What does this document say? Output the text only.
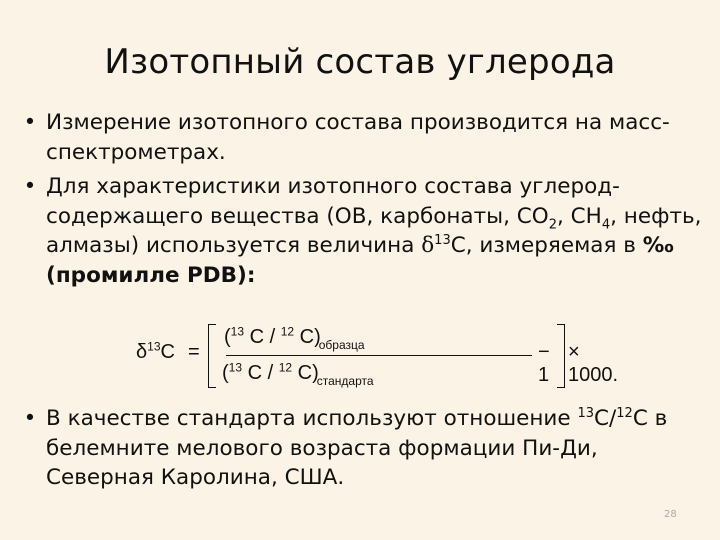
Изотопный состав углерода
• Измерение изотопного состава производится на масс-спектрометрах.
• Для характеристики изотопного состава углерод-содержащего вещества (ОВ, карбонаты, $CO_2$, $CH_4$, нефть, алмазы) используется величина $\delta^{13}C$, измеряемая в ‰ (промилле PDB):
$\delta^{13}C$ =
($^{13}$ C / $^{12}$ $C)_{образца}$
($^{13}$ C / $^{12}$ $C)_{стандарта}$
− 1
× 1000.
• В качестве стандарта используют отношение $^{13}$C/$^{12}$C в белемните мелового возраста формации Пи-Ди, Северная Каролина, США.
28
